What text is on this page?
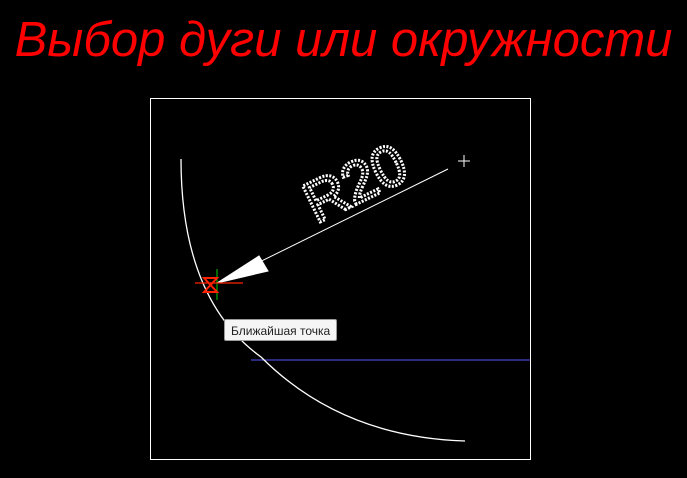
Выбор дуги или окружности
R20
Ближайшая точка
